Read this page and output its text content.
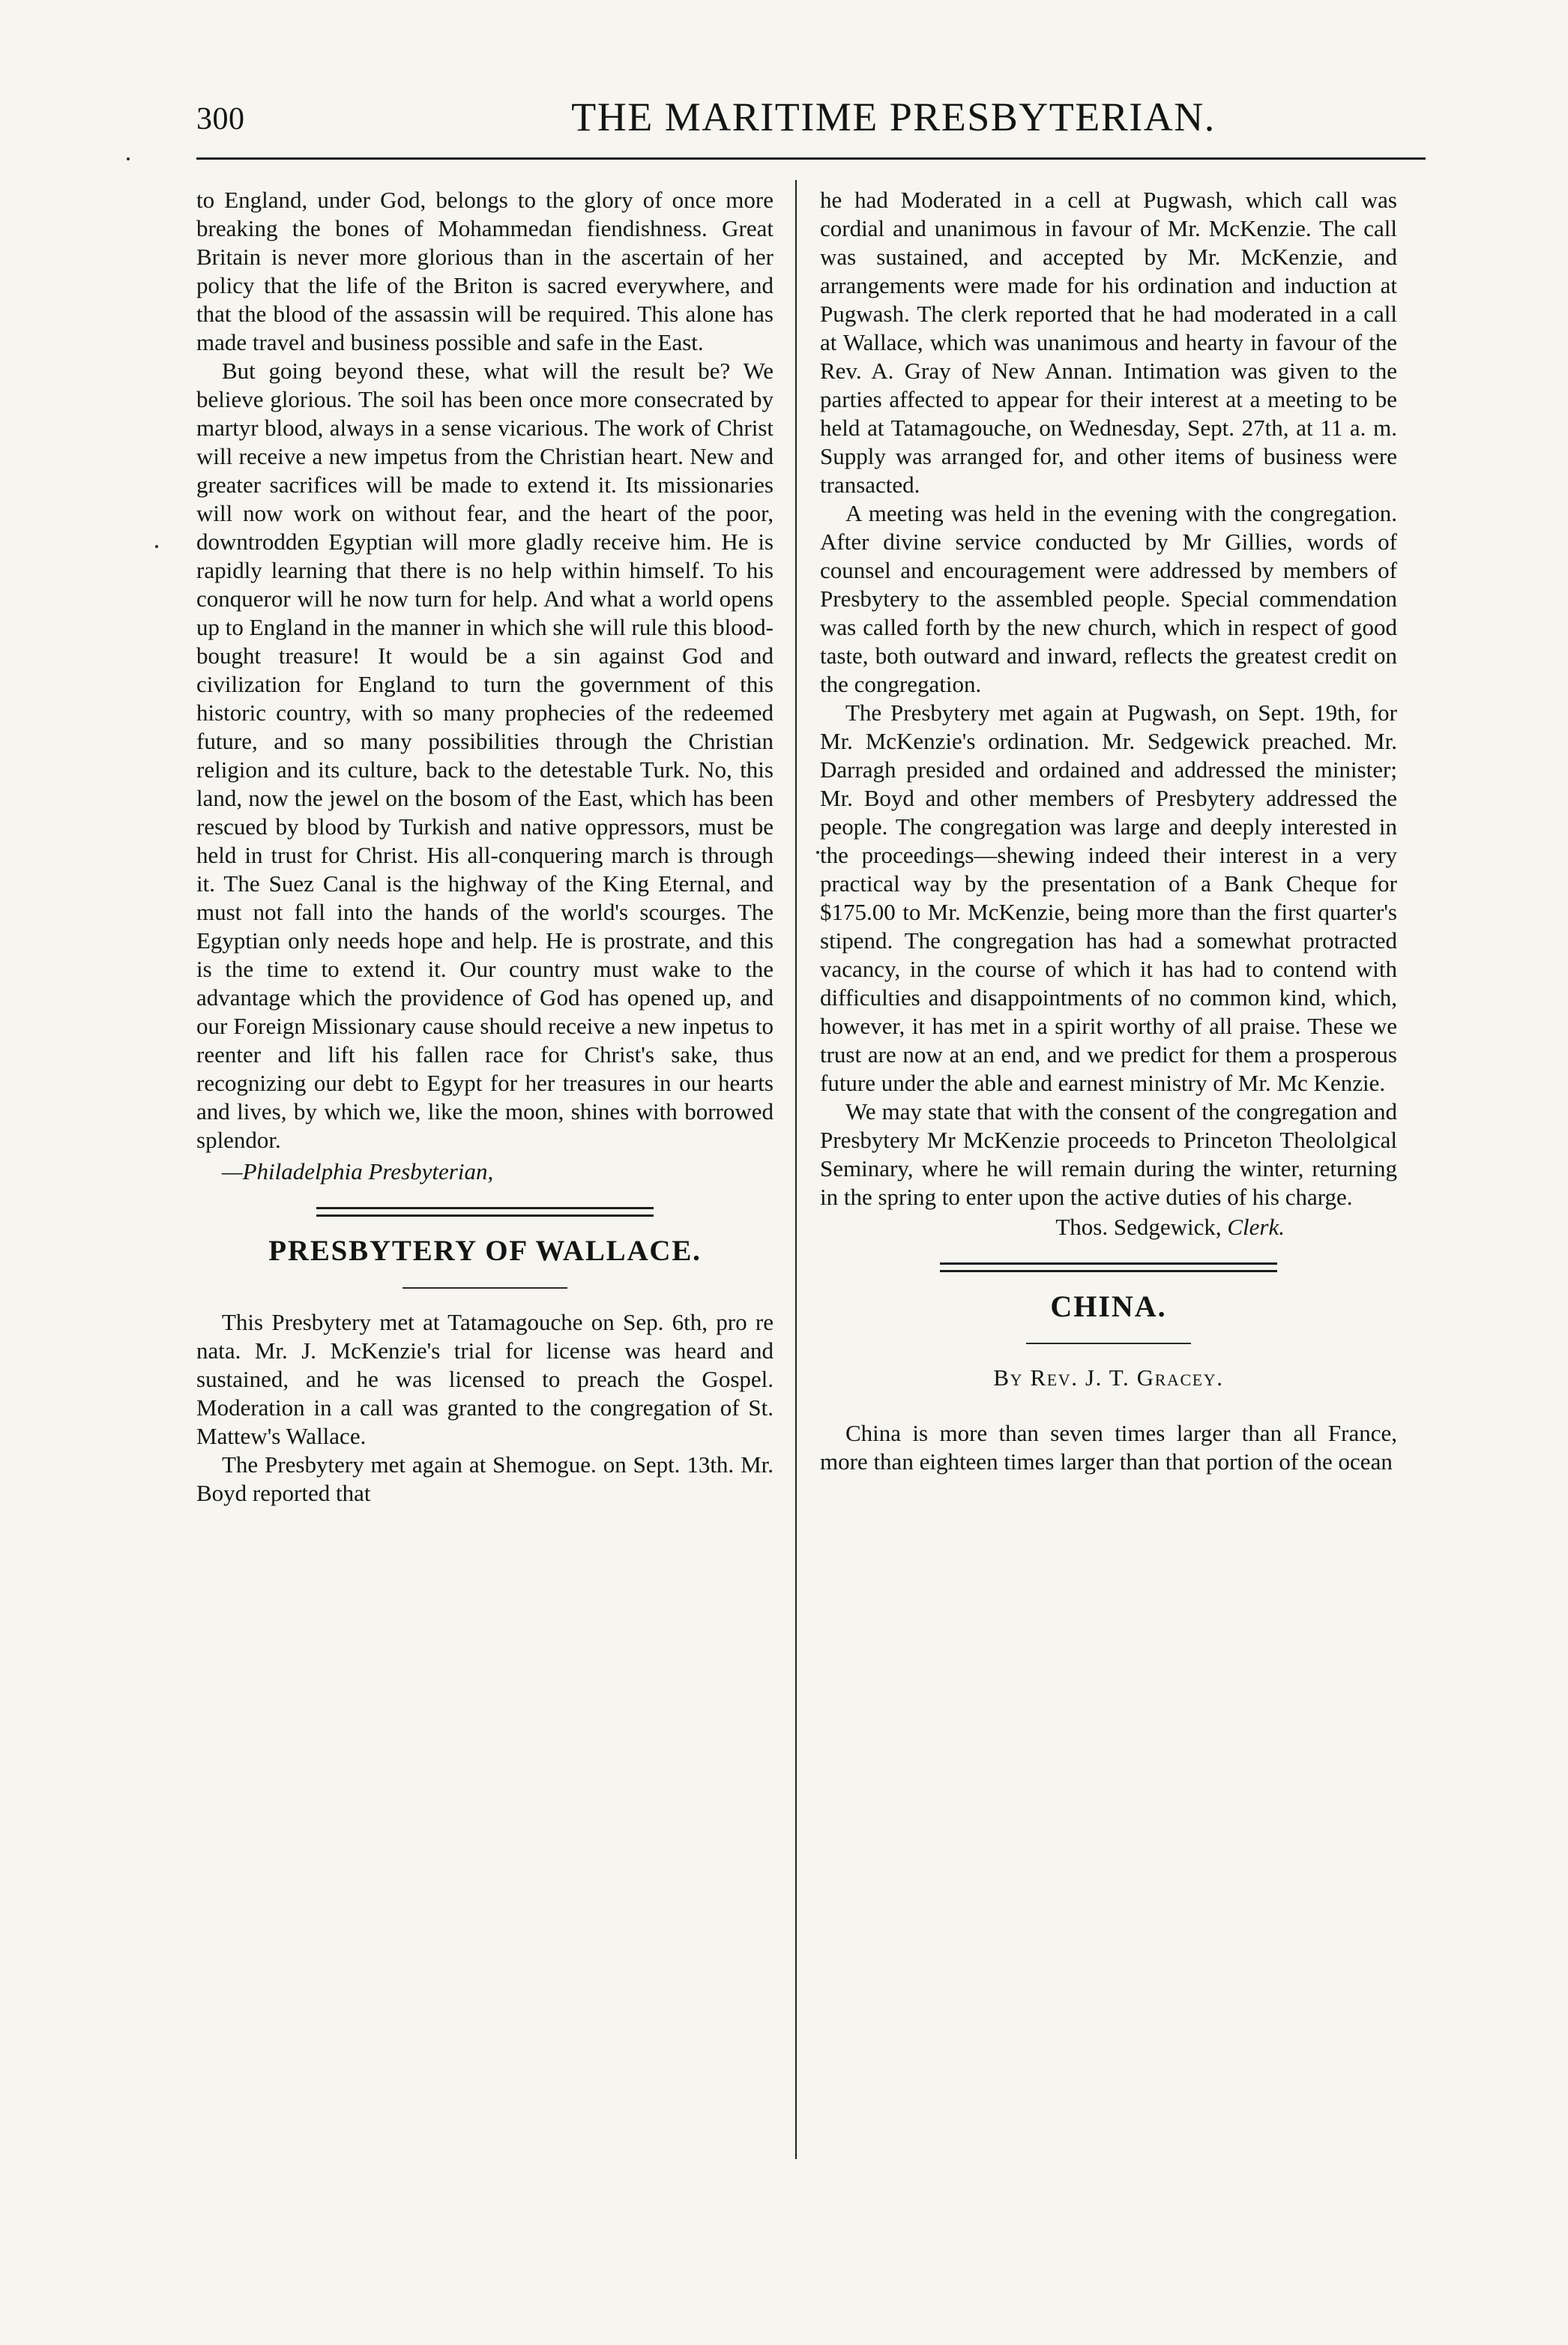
300	THE MARITIME PRESBYTERIAN.

to England, under God, belongs to the glory of once more breaking the bones of Mohammedan fiendishness. Great Britain is never more glorious than in the ascertain of her policy that the life of the Briton is sacred everywhere, and that the blood of the assassin will be required. This alone has made travel and business possible and safe in the East.

But going beyond these, what will the result be? We believe glorious. The soil has been once more consecrated by martyr blood, always in a sense vicarious. The work of Christ will receive a new impetus from the Christian heart. New and greater sacrifices will be made to extend it. Its missionaries will now work on without fear, and the heart of the poor, downtrodden Egyptian will more gladly receive him. He is rapidly learning that there is no help within himself. To his conqueror will he now turn for help. And what a world opens up to England in the manner in which she will rule this blood-bought treasure! It would be a sin against God and civilization for England to turn the government of this historic country, with so many prophecies of the redeemed future, and so many possibilities through the Christian religion and its culture, back to the detestable Turk. No, this land, now the jewel on the bosom of the East, which has been rescued by blood by Turkish and native oppressors, must be held in trust for Christ. His all-conquering march is through it. The Suez Canal is the highway of the King Eternal, and must not fall into the hands of the world's scourges. The Egyptian only needs hope and help. He is prostrate, and this is the time to extend it. Our country must wake to the advantage which the providence of God has opened up, and our Foreign Missionary cause should receive a new inpetus to reenter and lift his fallen race for Christ's sake, thus recognizing our debt to Egypt for her treasures in our hearts and lives, by which we, like the moon, shines with borrowed splendor.

—Philadelphia Presbyterian,

PRESBYTERY OF WALLACE.

This Presbytery met at Tatamagouche on Sep. 6th, pro re nata. Mr. J. McKenzie's trial for license was heard and sustained, and he was licensed to preach the Gospel. Moderation in a call was granted to the congregation of St. Mattew's Wallace.

The Presbytery met again at Shemogue. on Sept. 13th. Mr. Boyd reported that

he had Moderated in a cell at Pugwash, which call was cordial and unanimous in favour of Mr. McKenzie. The call was sustained, and accepted by Mr. McKenzie, and arrangements were made for his ordination and induction at Pugwash. The clerk reported that he had moderated in a call at Wallace, which was unanimous and hearty in favour of the Rev. A. Gray of New Annan. Intimation was given to the parties affected to appear for their interest at a meeting to be held at Tatamagouche, on Wednesday, Sept. 27th, at 11 a. m. Supply was arranged for, and other items of business were transacted.

A meeting was held in the evening with the congregation. After divine service conducted by Mr Gillies, words of counsel and encouragement were addressed by members of Presbytery to the assembled people. Special commendation was called forth by the new church, which in respect of good taste, both outward and inward, reflects the greatest credit on the congregation.

The Presbytery met again at Pugwash, on Sept. 19th, for Mr. McKenzie's ordination. Mr. Sedgewick preached. Mr. Darragh presided and ordained and addressed the minister; Mr. Boyd and other members of Presbytery addressed the people. The congregation was large and deeply interested in the proceedings—shewing indeed their interest in a very practical way by the presentation of a Bank Cheque for $175.00 to Mr. McKenzie, being more than the first quarter's stipend. The congregation has had a somewhat protracted vacancy, in the course of which it has had to contend with difficulties and disappointments of no common kind, which, however, it has met in a spirit worthy of all praise. These we trust are now at an end, and we predict for them a prosperous future under the able and earnest ministry of Mr. Mc Kenzie.

We may state that with the consent of the congregation and Presbytery Mr McKenzie proceeds to Princeton Theololgical Seminary, where he will remain during the winter, returning in the spring to enter upon the active duties of his charge.

Thos. Sedgewick, Clerk.
CHINA.
By Rev. J. T. Gracey.

China is more than seven times larger than all France, more than eighteen times larger than that portion of the ocean
